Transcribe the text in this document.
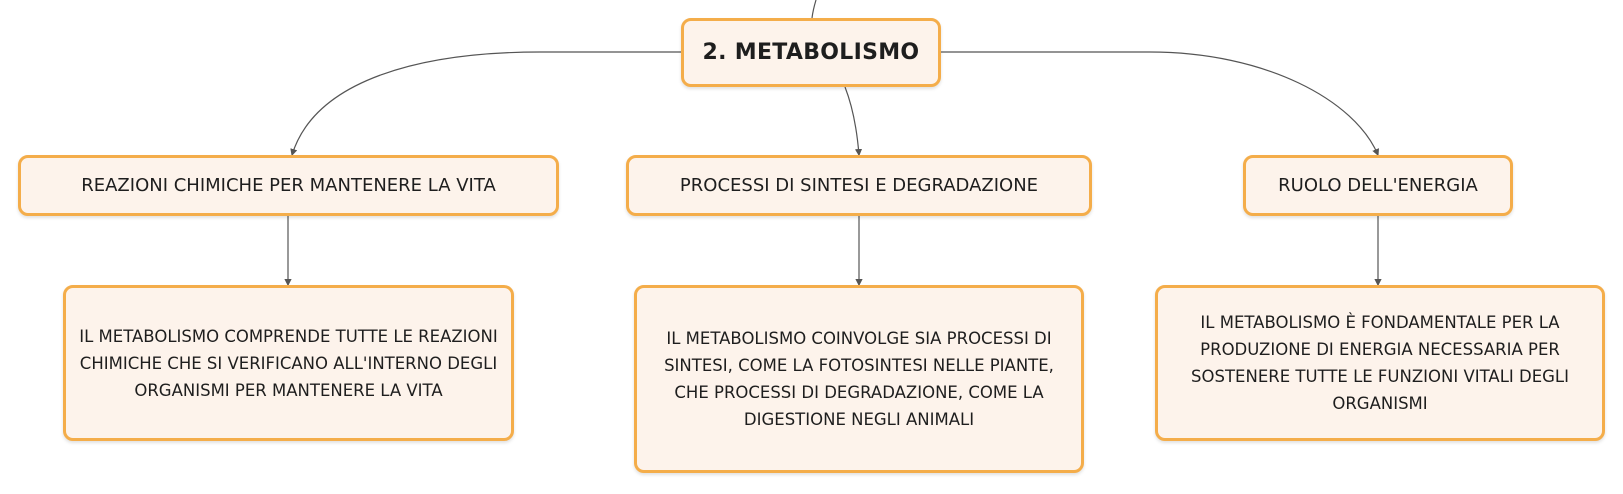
2. METABOLISMO
REAZIONI CHIMICHE PER MANTENERE LA VITA	PROCESSI DI SINTESI E DEGRADAZIONE	RUOLO DELL'ENERGIA
IL METABOLISMO COMPRENDE TUTTE LE REAZIONI CHIMICHE CHE SI VERIFICANO ALL'INTERNO DEGLI ORGANISMI PER MANTENERE LA VITA
IL METABOLISMO COINVOLGE SIA PROCESSI DI SINTESI, COME LA FOTOSINTESI NELLE PIANTE, CHE PROCESSI DI DEGRADAZIONE, COME LA DIGESTIONE NEGLI ANIMALI
IL METABOLISMO È FONDAMENTALE PER LA PRODUZIONE DI ENERGIA NECESSARIA PER SOSTENERE TUTTE LE FUNZIONI VITALI DEGLI ORGANISMI
